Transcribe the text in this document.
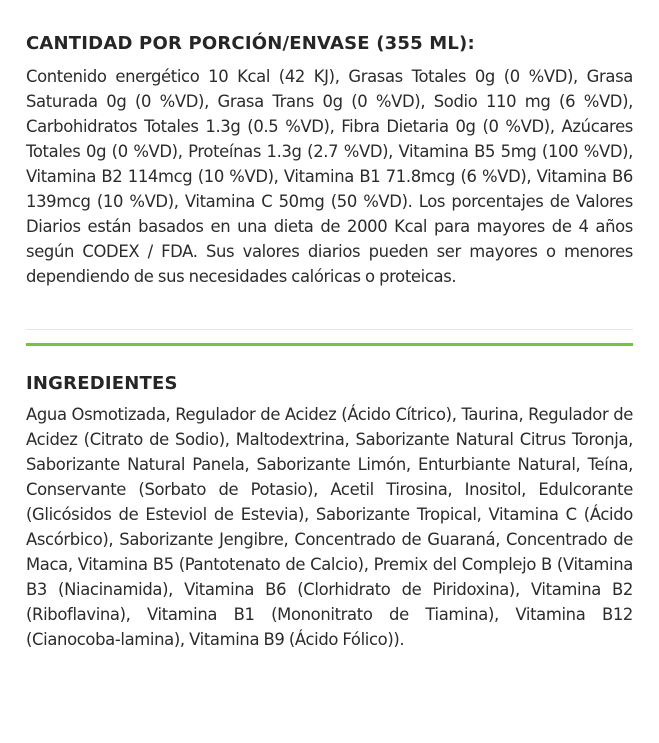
CANTIDAD POR PORCIÓN/ENVASE (355 ML):

Contenido energético 10 Kcal (42 KJ), Grasas Totales 0g (0 %VD), Grasa Saturada 0g (0 %VD), Grasa Trans 0g (0 %VD), Sodio 110 mg (6 %VD), Carbohidratos Totales 1.3g (0.5 %VD), Fibra Dietaria 0g (0 %VD), Azúcares Totales 0g (0 %VD), Proteínas 1.3g (2.7 %VD), Vitamina B5 5mg (100 %VD), Vitamina B2 114mcg (10 %VD), Vitamina B1 71.8mcg (6 %VD), Vitamina B6 139mcg (10 %VD), Vitamina C 50mg (50 %VD). Los porcentajes de Valores Diarios están basados en una dieta de 2000 Kcal para mayores de 4 años según CODEX / FDA. Sus valores diarios pueden ser mayores o menores dependiendo de sus necesidades calóricas o proteicas.

INGREDIENTES

Agua Osmotizada, Regulador de Acidez (Ácido Cítrico), Taurina, Regulador de Acidez (Citrato de Sodio), Maltodextrina, Saborizante Natural Citrus Toronja, Saborizante Natural Panela, Saborizante Limón, Enturbiante Natural, Teína, Conservante (Sorbato de Potasio), Acetil Tirosina, Inositol, Edulcorante (Glicósidos de Esteviol de Estevia), Saborizante Tropical, Vitamina C (Ácido Ascórbico), Saborizante Jengibre, Concentrado de Guaraná, Concentrado de Maca, Vitamina B5 (Pantotenato de Calcio), Premix del Complejo B (Vitamina B3 (Niacinamida), Vitamina B6 (Clorhidrato de Piridoxina), Vitamina B2 (Riboflavina), Vitamina B1 (Mononitrato de Tiamina), Vitamina B12 (Cianocoba-lamina), Vitamina B9 (Ácido Fólico)).
